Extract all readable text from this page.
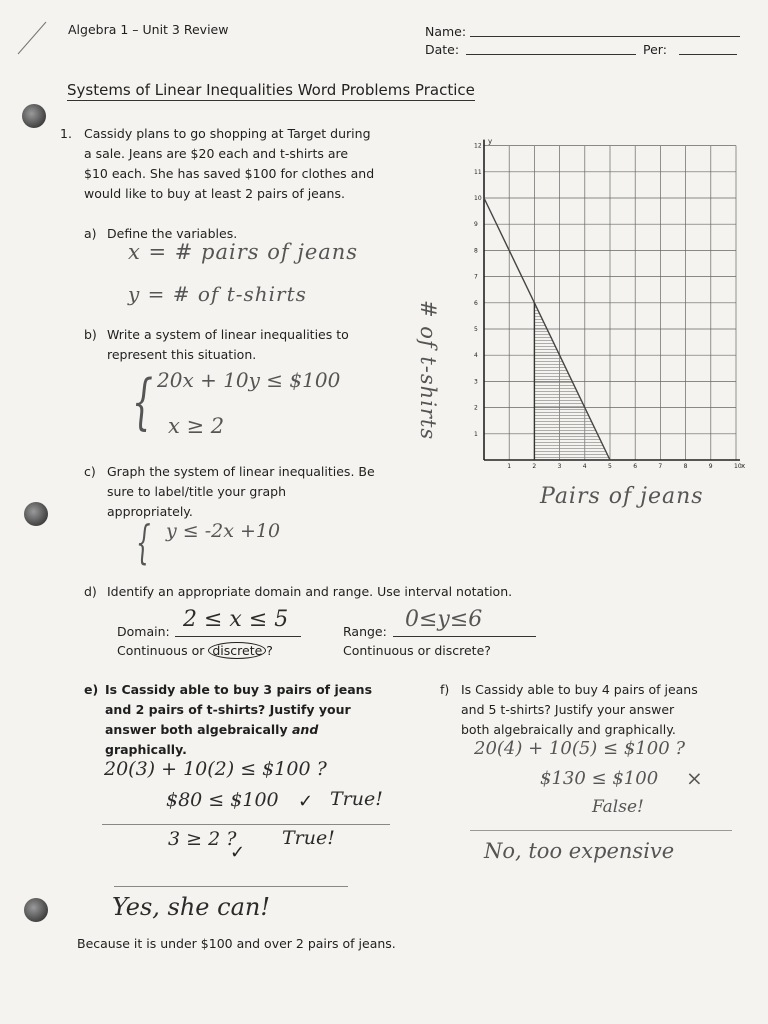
Algebra 1 – Unit 3 Review	Name:
Date:	Per:
Systems of Linear Inequalities Word Problems Practice
1. Cassidy plans to go shopping at Target during
a sale. Jeans are $20 each and t-shirts are
$10 each. She has saved $100 for clothes and
would like to buy at least 2 pairs of jeans.
a) Define the variables.
x = # pairs of jeans
y = # of t-shirts
b) Write a system of linear inequalities to
represent this situation.
{ 20x + 10y ≤ $100
x ≥ 2
c) Graph the system of linear inequalities. Be
sure to label/title your graph
appropriately.
{ y ≤ -2x +10
1	2	3	4	5	6	7	8	9	10
1
2
3
4
5
6
7
8
9
10
11
12
x
y
# of t-shirts
Pairs of jeans
d) Identify an appropriate domain and range. Use interval notation.
Domain: 2 ≤ x ≤ 5
Continuous or discrete ?
Range: 0≤y≤6
Continuous or discrete?
e) Is Cassidy able to buy 3 pairs of jeans
and 2 pairs of t-shirts? Justify your
answer both algebraically and
graphically.
20(3) + 10(2) ≤ $100 ?
$80 ≤ $100 ✓ True!
3 ≥ 2 ?
✓
True!
Yes, she can!
Because it is under $100 and over 2 pairs of jeans.
f) Is Cassidy able to buy 4 pairs of jeans
and 5 t-shirts? Justify your answer
both algebraically and graphically.
20(4) + 10(5) ≤ $100 ?
$130 ≤ $100 ×
False!
No, too expensive
